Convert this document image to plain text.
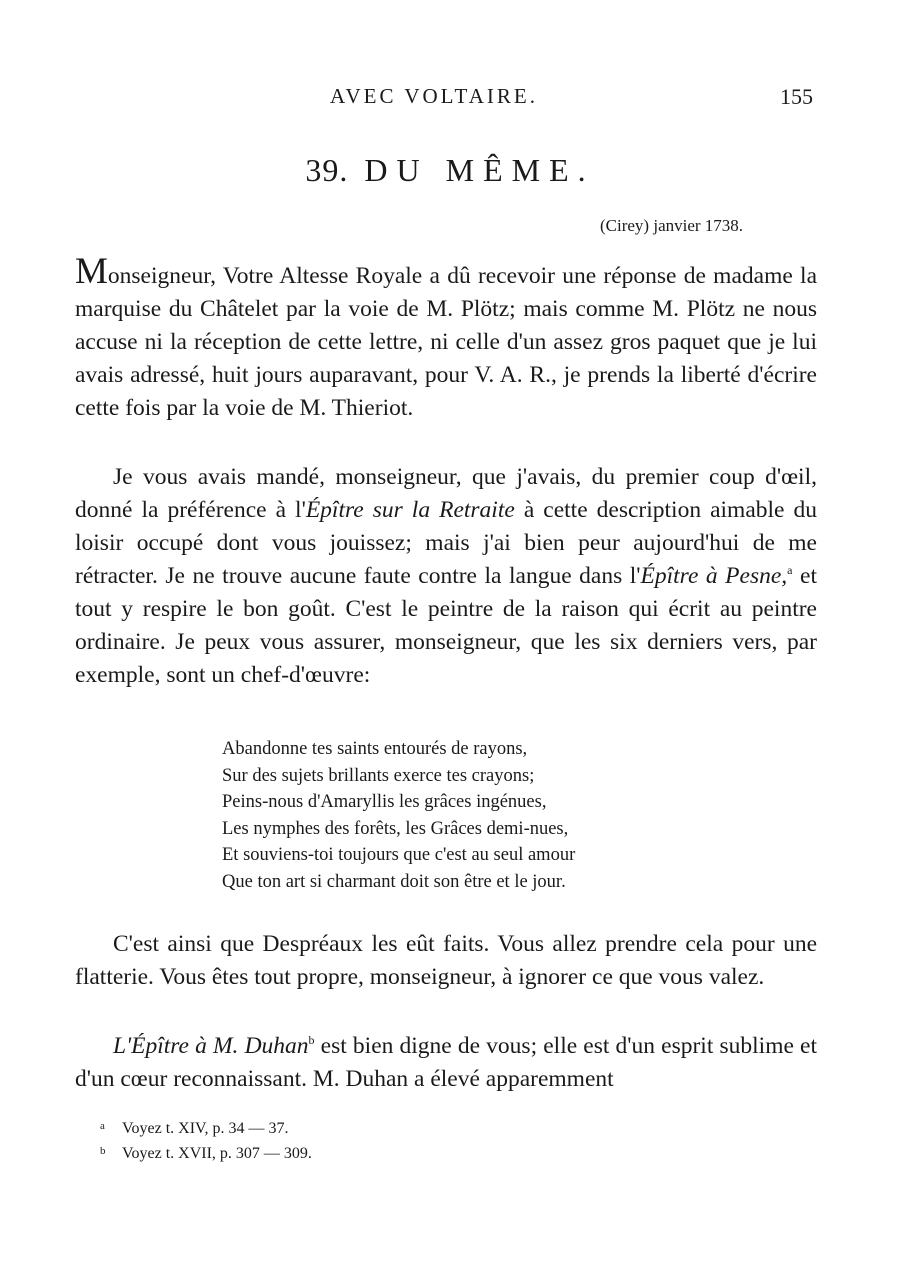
AVEC VOLTAIRE.	155
39. DU MÊME.
(Cirey) janvier 1738.

Monseigneur, Votre Altesse Royale a dû recevoir une réponse de madame la marquise du Châtelet par la voie de M. Plötz; mais comme M. Plötz ne nous accuse ni la réception de cette lettre, ni celle d'un assez gros paquet que je lui avais adressé, huit jours auparavant, pour V. A. R., je prends la liberté d'écrire cette fois par la voie de M. Thieriot.

Je vous avais mandé, monseigneur, que j'avais, du premier coup d'œil, donné la préférence à l'Épître sur la Retraite à cette description aimable du loisir occupé dont vous jouissez; mais j'ai bien peur aujourd'hui de me rétracter. Je ne trouve aucune faute contre la langue dans l'Épître à Pesne,$^a$ et tout y respire le bon goût. C'est le peintre de la raison qui écrit au peintre ordinaire. Je peux vous assurer, monseigneur, que les six derniers vers, par exemple, sont un chef-d'œuvre:

Abandonne tes saints entourés de rayons,
Sur des sujets brillants exerce tes crayons;
Peins-nous d'Amaryllis les grâces ingénues,
Les nymphes des forêts, les Grâces demi-nues,
Et souviens-toi toujours que c'est au seul amour
Que ton art si charmant doit son être et le jour.

C'est ainsi que Despréaux les eût faits. Vous allez prendre cela pour une flatterie. Vous êtes tout propre, monseigneur, à ignorer ce que vous valez.

L'Épître à M. Duhan$^b$ est bien digne de vous; elle est d'un esprit sublime et d'un cœur reconnaissant. M. Duhan a élevé apparemment

a Voyez t. XIV, p. 34 — 37.
b Voyez t. XVII, p. 307 — 309.
